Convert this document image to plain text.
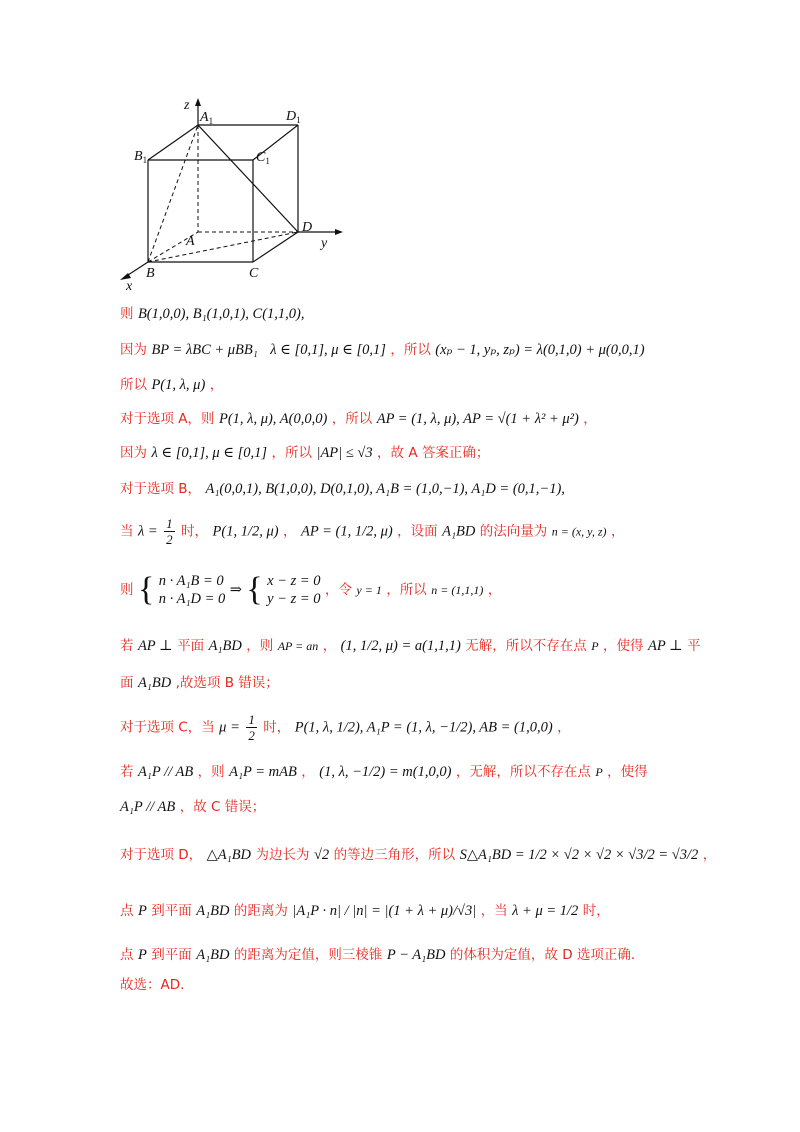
z
$A_1$	$D_1$
$B_1$	$C_1$
D
y
A
B	C
x
则 B(1,0,0), B₁(1,0,1), C(1,1,0),
因为 BP = λBC + μBB₁ λ ∈ [0,1], μ ∈ [0,1] ，所以 (xₚ − 1, yₚ, zₚ) = λ(0,1,0) + μ(0,0,1)
所以 P(1, λ, μ) ，
对于选项 A，则 P(1, λ, μ), A(0,0,0) ，所以 AP = (1, λ, μ), AP = √(1 + λ² + μ²) ，
因为 λ ∈ [0,1], μ ∈ [0,1] ，所以 |AP| ≤ √3 ，故 A 答案正确；
对于选项 B， A₁(0,0,1), B(1,0,0), D(0,1,0), A₁B = (1,0,−1), A₁D = (0,1,−1),
当 $\lambda = \frac{1}{2}$ 时， P(1, 1/2, μ) ， AP = (1, 1/2, μ) ，设面 A₁BD 的法向量为 n = (x, y, z) ，
则 { n · A₁B = 0
n · A₁D = 0
⇒ { x − z = 0
y − z = 0
，令 y = 1 ，所以 n = (1,1,1) ，
若 AP ⊥ 平面 A₁BD ，则 AP = an ， (1, 1/2, μ) = a(1,1,1) 无解，所以不存在点 P ，使得 AP ⊥ 平
面 A₁BD ,故选项 B 错误；
对于选项 C，当 $\mu = \frac{1}{2}$ 时， P(1, λ, 1/2), A₁P = (1, λ, −1/2), AB = (1,0,0) ，
若 A₁P // AB ，则 A₁P = mAB ， (1, λ, −1/2) = m(1,0,0) ，无解，所以不存在点 P ，使得
A₁P // AB ，故 C 错误；
对于选项 D， △A₁BD 为边长为 √2 的等边三角形，所以 S△A₁BD = 1/2 × √2 × √2 × √3/2 = √3/2 ，
点 P 到平面 A₁BD 的距离为 |A₁P · n| / |n| = |(1 + λ + μ)/√3| ，当 λ + μ = 1/2 时，
点 P 到平面 A₁BD 的距离为定值，则三棱锥 P − A₁BD 的体积为定值，故 D 选项正确.
故选：AD.
